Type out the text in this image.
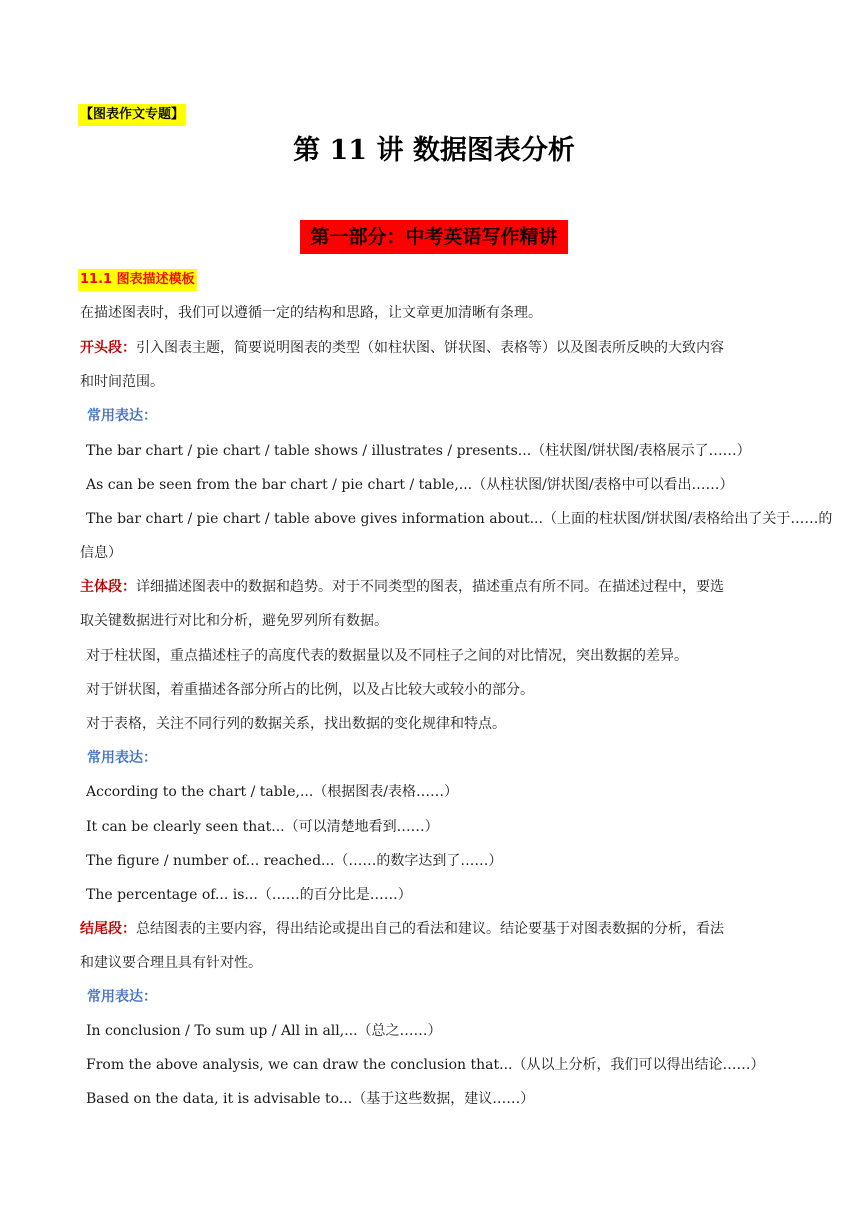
【图表作文专题】
第 11 讲 数据图表分析
第一部分：中考英语写作精讲
11.1 图表描述模板
在描述图表时，我们可以遵循一定的结构和思路，让文章更加清晰有条理。
开头段：引入图表主题，简要说明图表的类型（如柱状图、饼状图、表格等）以及图表所反映的大致内容
和时间范围。
常用表达：
The bar chart / pie chart / table shows / illustrates / presents...（柱状图/饼状图/表格展示了……）
As can be seen from the bar chart / pie chart / table,...（从柱状图/饼状图/表格中可以看出……）
The bar chart / pie chart / table above gives information about...（上面的柱状图/饼状图/表格给出了关于……的
信息）
主体段：详细描述图表中的数据和趋势。对于不同类型的图表，描述重点有所不同。在描述过程中，要选
取关键数据进行对比和分析，避免罗列所有数据。
对于柱状图，重点描述柱子的高度代表的数据量以及不同柱子之间的对比情况，突出数据的差异。
对于饼状图，着重描述各部分所占的比例，以及占比较大或较小的部分。
对于表格，关注不同行列的数据关系，找出数据的变化规律和特点。
常用表达：
According to the chart / table,...（根据图表/表格……）
It can be clearly seen that...（可以清楚地看到……）
The figure / number of... reached...（……的数字达到了……）
The percentage of... is...（……的百分比是……）
结尾段：总结图表的主要内容，得出结论或提出自己的看法和建议。结论要基于对图表数据的分析，看法
和建议要合理且具有针对性。
常用表达：
In conclusion / To sum up / All in all,...（总之……）
From the above analysis, we can draw the conclusion that...（从以上分析，我们可以得出结论……）
Based on the data, it is advisable to...（基于这些数据，建议……）
